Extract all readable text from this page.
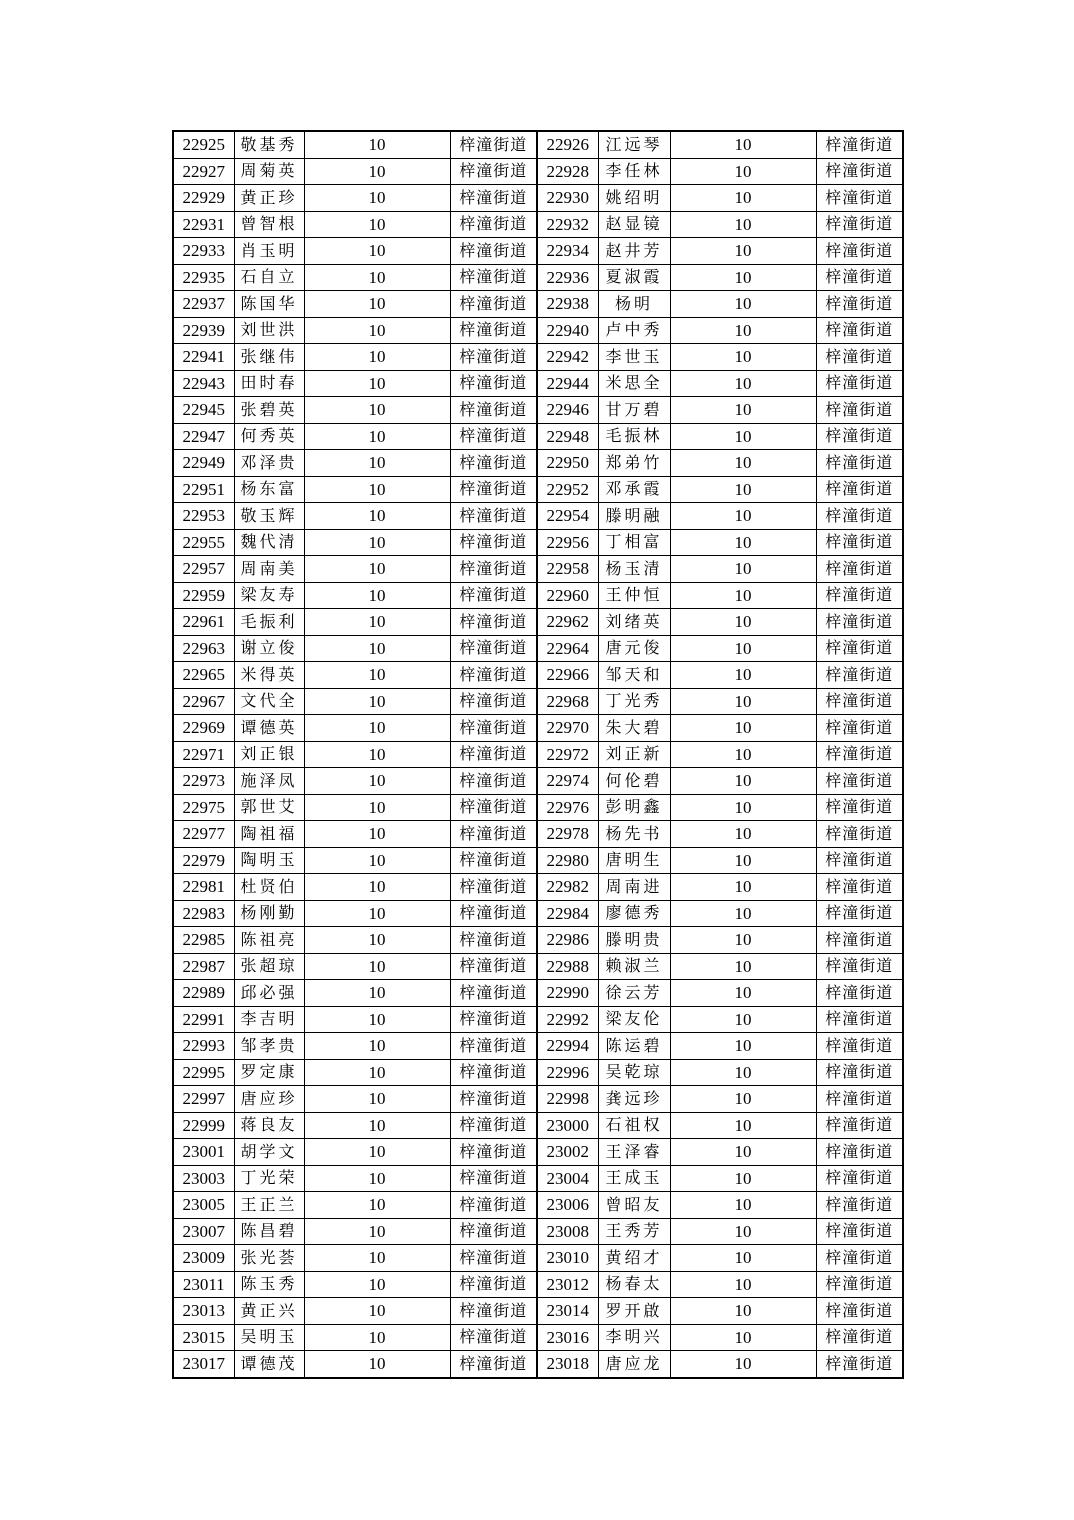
22925	敬基秀	10	梓潼街道	22926	江远琴	10	梓潼街道
22927	周菊英	10	梓潼街道	22928	李任林	10	梓潼街道
22929	黄正珍	10	梓潼街道	22930	姚绍明	10	梓潼街道
22931	曾智根	10	梓潼街道	22932	赵显镜	10	梓潼街道
22933	肖玉明	10	梓潼街道	22934	赵井芳	10	梓潼街道
22935	石自立	10	梓潼街道	22936	夏淑霞	10	梓潼街道
22937	陈国华	10	梓潼街道	22938	杨明	10	梓潼街道
22939	刘世洪	10	梓潼街道	22940	卢中秀	10	梓潼街道
22941	张继伟	10	梓潼街道	22942	李世玉	10	梓潼街道
22943	田时春	10	梓潼街道	22944	米思全	10	梓潼街道
22945	张碧英	10	梓潼街道	22946	甘万碧	10	梓潼街道
22947	何秀英	10	梓潼街道	22948	毛振林	10	梓潼街道
22949	邓泽贵	10	梓潼街道	22950	郑弟竹	10	梓潼街道
22951	杨东富	10	梓潼街道	22952	邓承霞	10	梓潼街道
22953	敬玉辉	10	梓潼街道	22954	滕明融	10	梓潼街道
22955	魏代清	10	梓潼街道	22956	丁相富	10	梓潼街道
22957	周南美	10	梓潼街道	22958	杨玉清	10	梓潼街道
22959	梁友寿	10	梓潼街道	22960	王仲恒	10	梓潼街道
22961	毛振利	10	梓潼街道	22962	刘绪英	10	梓潼街道
22963	谢立俊	10	梓潼街道	22964	唐元俊	10	梓潼街道
22965	米得英	10	梓潼街道	22966	邹天和	10	梓潼街道
22967	文代全	10	梓潼街道	22968	丁光秀	10	梓潼街道
22969	谭德英	10	梓潼街道	22970	朱大碧	10	梓潼街道
22971	刘正银	10	梓潼街道	22972	刘正新	10	梓潼街道
22973	施泽凤	10	梓潼街道	22974	何伦碧	10	梓潼街道
22975	郭世艾	10	梓潼街道	22976	彭明鑫	10	梓潼街道
22977	陶祖福	10	梓潼街道	22978	杨先书	10	梓潼街道
22979	陶明玉	10	梓潼街道	22980	唐明生	10	梓潼街道
22981	杜贤伯	10	梓潼街道	22982	周南进	10	梓潼街道
22983	杨刚勤	10	梓潼街道	22984	廖德秀	10	梓潼街道
22985	陈祖亮	10	梓潼街道	22986	滕明贵	10	梓潼街道
22987	张超琼	10	梓潼街道	22988	赖淑兰	10	梓潼街道
22989	邱必强	10	梓潼街道	22990	徐云芳	10	梓潼街道
22991	李吉明	10	梓潼街道	22992	梁友伦	10	梓潼街道
22993	邹孝贵	10	梓潼街道	22994	陈运碧	10	梓潼街道
22995	罗定康	10	梓潼街道	22996	吴乾琼	10	梓潼街道
22997	唐应珍	10	梓潼街道	22998	龚远珍	10	梓潼街道
22999	蒋良友	10	梓潼街道	23000	石祖权	10	梓潼街道
23001	胡学文	10	梓潼街道	23002	王泽睿	10	梓潼街道
23003	丁光荣	10	梓潼街道	23004	王成玉	10	梓潼街道
23005	王正兰	10	梓潼街道	23006	曾昭友	10	梓潼街道
23007	陈昌碧	10	梓潼街道	23008	王秀芳	10	梓潼街道
23009	张光荟	10	梓潼街道	23010	黄绍才	10	梓潼街道
23011	陈玉秀	10	梓潼街道	23012	杨春太	10	梓潼街道
23013	黄正兴	10	梓潼街道	23014	罗开啟	10	梓潼街道
23015	吴明玉	10	梓潼街道	23016	李明兴	10	梓潼街道
23017	谭德茂	10	梓潼街道	23018	唐应龙	10	梓潼街道
